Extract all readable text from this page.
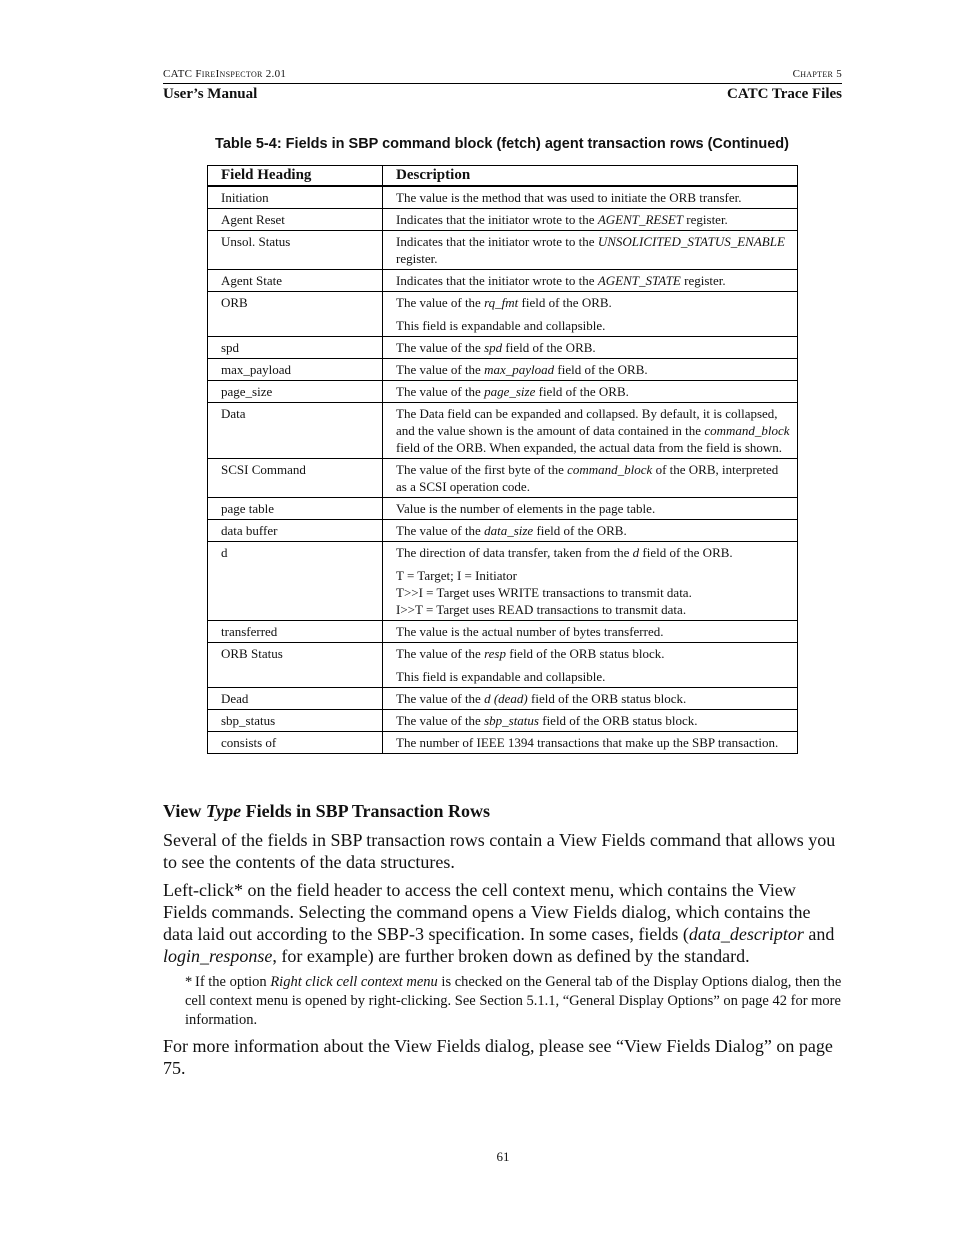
CATC FireInspector 2.01	Chapter 5
User’s Manual	CATC Trace Files
Table 5-4: Fields in SBP command block (fetch) agent transaction rows (Continued)
Field Heading	Description
Initiation	The value is the method that was used to initiate the ORB transfer.

Agent Reset	Indicates that the initiator wrote to the AGENT_RESET register.

Unsol. Status	Indicates that the initiator wrote to the UNSOLICITED_STATUS_ENABLE register.

Agent State	Indicates that the initiator wrote to the AGENT_STATE register.

ORB	The value of the rq_fmt field of the ORB.
This field is expandable and collapsible.

spd	The value of the spd field of the ORB.

max_payload	The value of the max_payload field of the ORB.

page_size	The value of the page_size field of the ORB.

Data	The Data field can be expanded and collapsed. By default, it is collapsed, and the value shown is the amount of data contained in the command_block field of the ORB. When expanded, the actual data from the field is shown.

SCSI Command	The value of the first byte of the command_block of the ORB, interpreted as a SCSI operation code.

page table	Value is the number of elements in the page table.

data buffer	The value of the data_size field of the ORB.

d	The direction of data transfer, taken from the d field of the ORB.
T = Target; I = Initiator
T>>I = Target uses WRITE transactions to transmit data.
I>>T = Target uses READ transactions to transmit data.

transferred	The value is the actual number of bytes transferred.

ORB Status	The value of the resp field of the ORB status block.
This field is expandable and collapsible.

Dead	The value of the d (dead) field of the ORB status block.

sbp_status	The value of the sbp_status field of the ORB status block.

consists of	The number of IEEE 1394 transactions that make up the SBP transaction.
View Type Fields in SBP Transaction Rows
Several of the fields in SBP transaction rows contain a View Fields command that allows you to see the contents of the data structures.
Left-click* on the field header to access the cell context menu, which contains the View Fields commands. Selecting the command opens a View Fields dialog, which contains the data laid out according to the SBP-3 specification. In some cases, fields (data_descriptor and login_response, for example) are further broken down as defined by the standard.
* If the option Right click cell context menu is checked on the General tab of the Display Options dialog, then the cell context menu is opened by right-clicking. See Section 5.1.1, “General Display Options” on page 42 for more information.
For more information about the View Fields dialog, please see “View Fields Dialog” on page 75.
61
